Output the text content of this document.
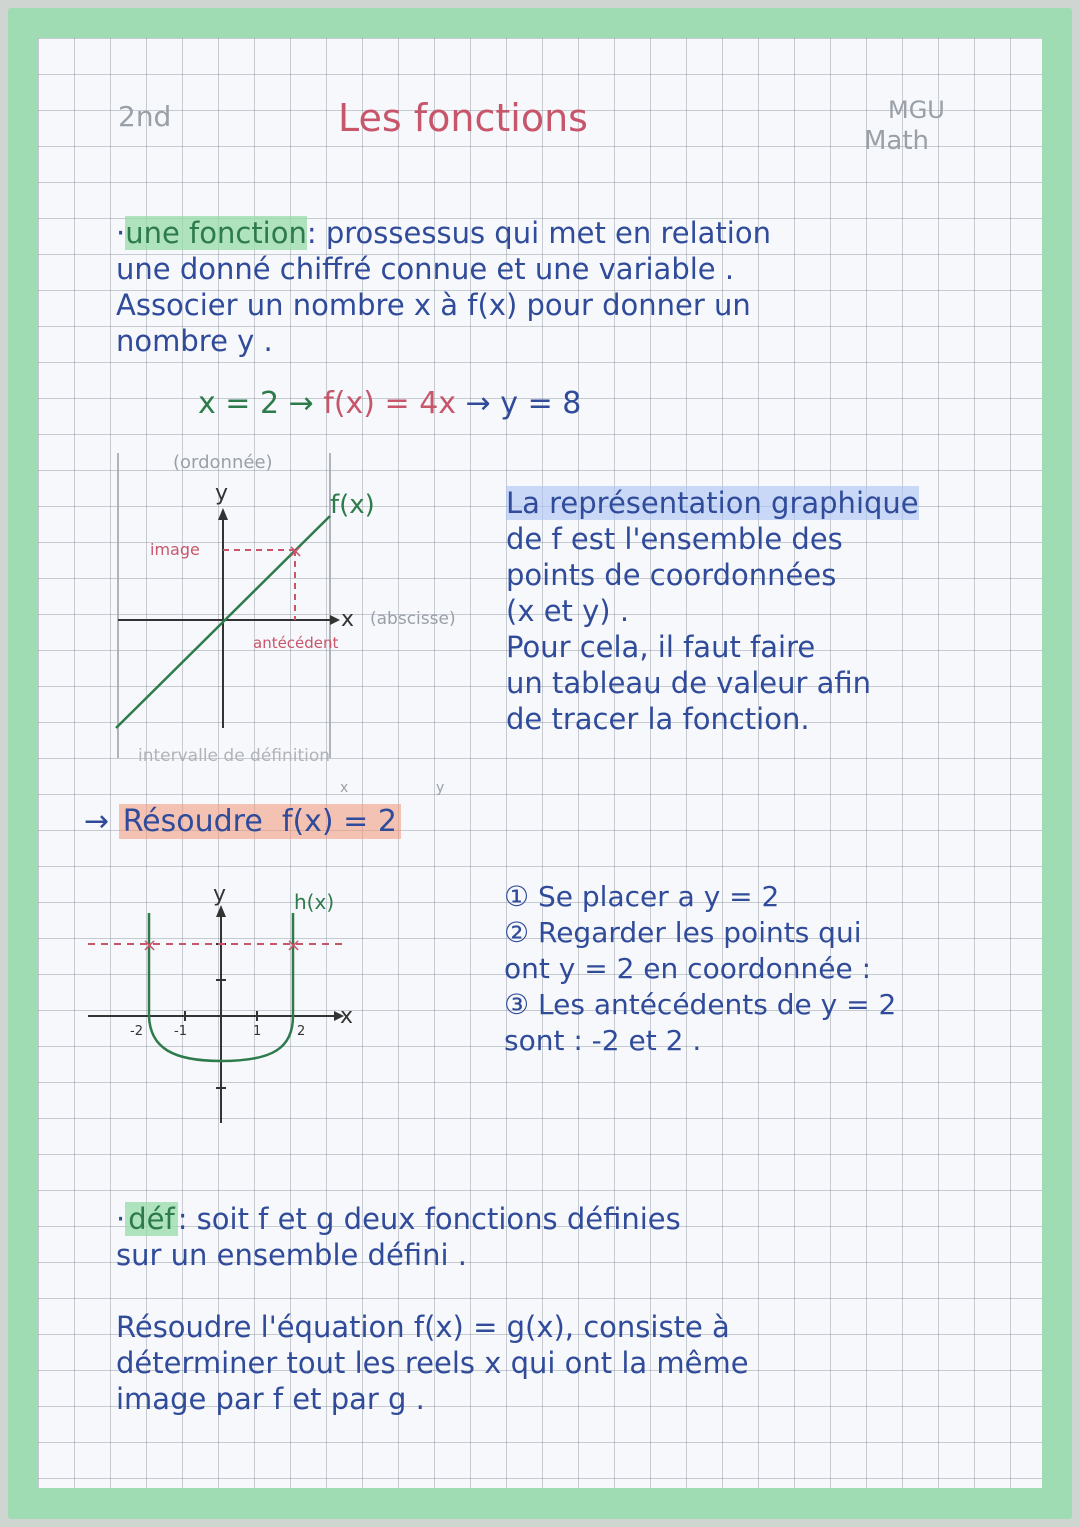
2nd	Les fonctions	MGU
Math
·une fonction: prossessus qui met en relation
une donné chiffré connue et une variable .
Associer un nombre x à f(x) pour donner un
nombre y .
x = 2 → f(x) = 4x → y = 8
×
(ordonnée)
y	f(x)
image
x (abscisse)
antécédent
intervalle de définition
La représentation graphique
de f est l'ensemble des
points de coordonnées
(x et y) .
Pour cela, il faut faire
un tableau de valeur afin
de tracer la fonction.
x	y
→ Résoudre f(x) = 2
×	×
y	h(x)
x
-2 -1	1	2
① Se placer a y = 2
② Regarder les points qui
ont y = 2 en coordonnée :
③ Les antécédents de y = 2
sont : -2 et 2 .
· déf : soit f et g deux fonctions définies
sur un ensemble défini .
Résoudre l'équation f(x) = g(x), consiste à
déterminer tout les reels x qui ont la même
image par f et par g .
